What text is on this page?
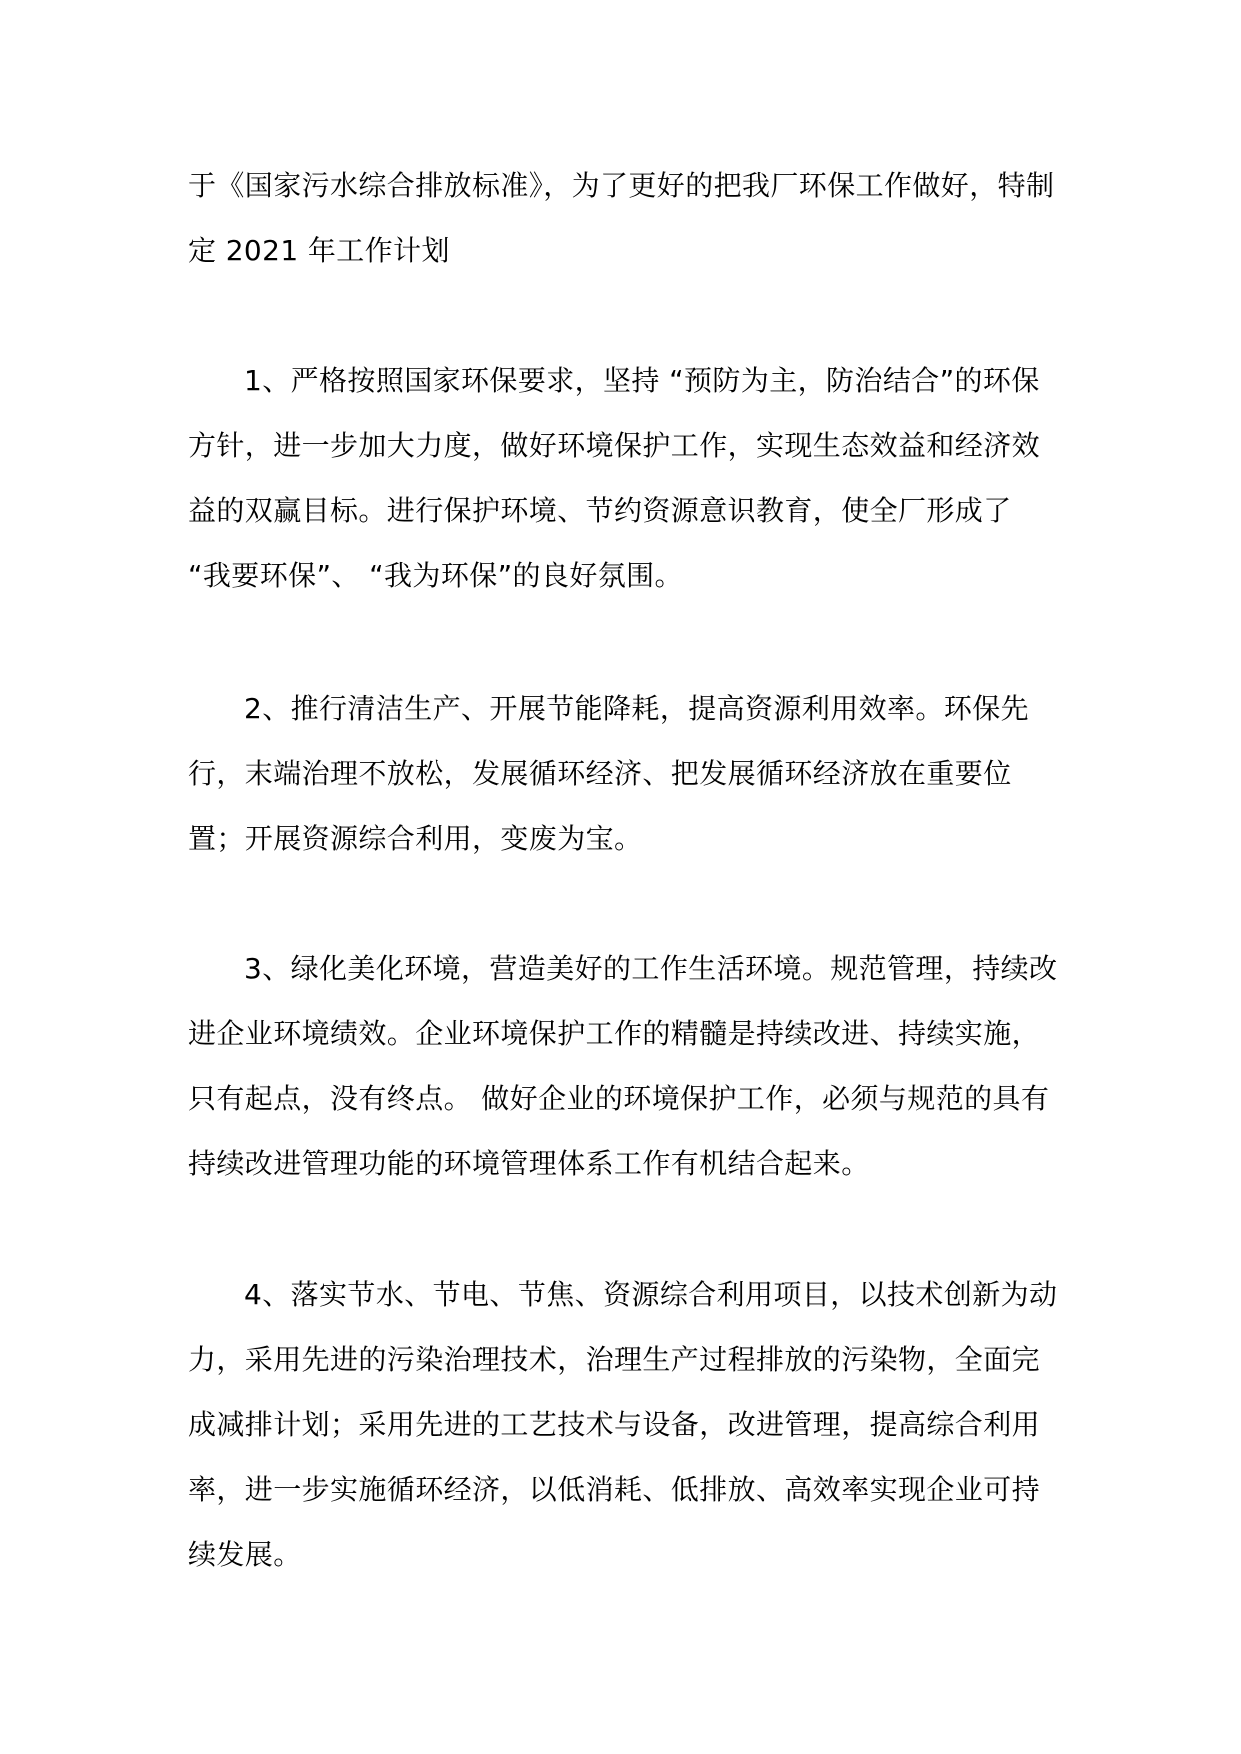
于《国家污水综合排放标准》，为了更好的把我厂环保工作做好，特制定 2021 年工作计划

1、严格按照国家环保要求，坚持 “预防为主，防治结合”的环保方针，进一步加大力度，做好环境保护工作，实现生态效益和经济效益的双赢目标。进行保护环境、节约资源意识教育，使全厂形成了 “我要环保”、 “我为环保”的良好氛围。

2、推行清洁生产、开展节能降耗，提高资源利用效率。环保先行，末端治理不放松，发展循环经济、把发展循环经济放在重要位置；开展资源综合利用，变废为宝。

3、绿化美化环境，营造美好的工作生活环境。规范管理，持续改进企业环境绩效。企业环境保护工作的精髓是持续改进、持续实施，只有起点，没有终点。 做好企业的环境保护工作，必须与规范的具有持续改进管理功能的环境管理体系工作有机结合起来。

4、落实节水、节电、节焦、资源综合利用项目，以技术创新为动力，采用先进的污染治理技术，治理生产过程排放的污染物，全面完成减排计划；采用先进的工艺技术与设备，改进管理，提高综合利用率，进一步实施循环经济，以低消耗、低排放、高效率实现企业可持续发展。
